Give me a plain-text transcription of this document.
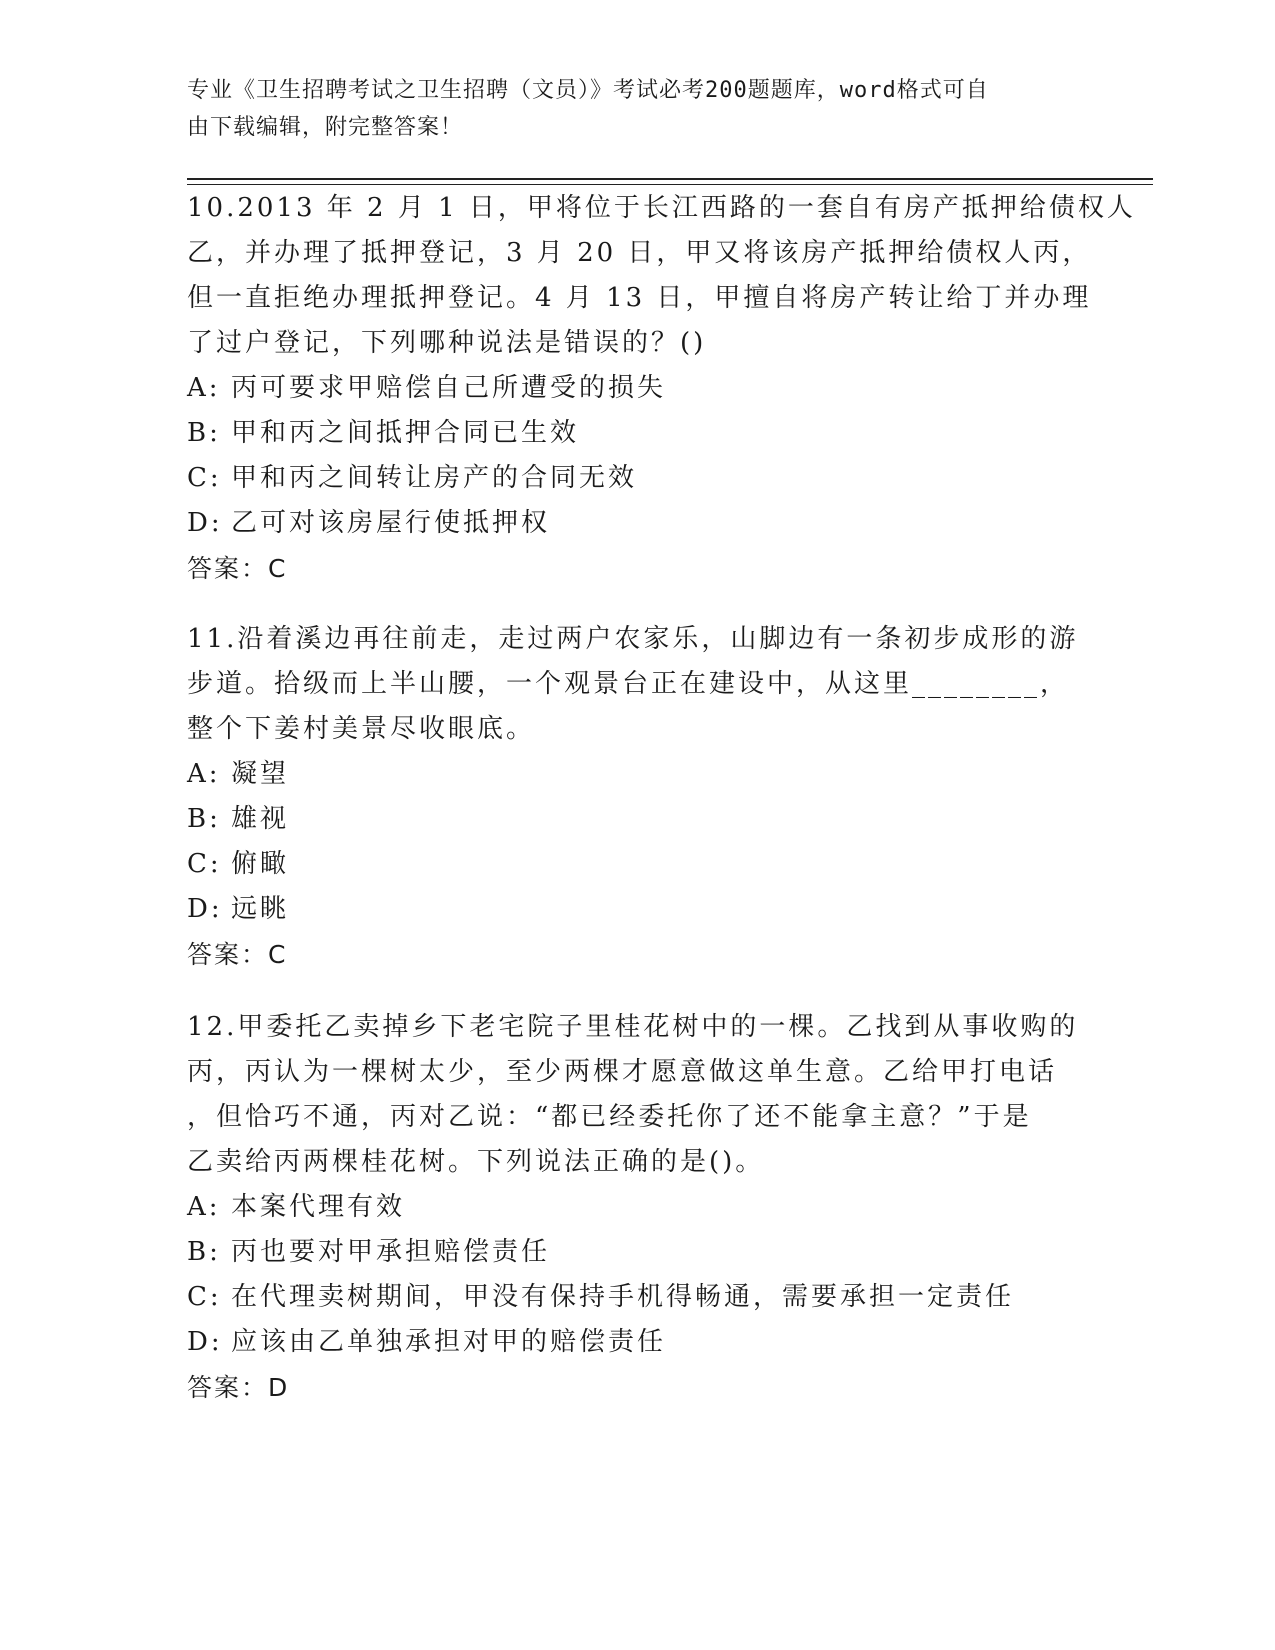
专业《卫生招聘考试之卫生招聘（文员）》考试必考200题题库，word格式可自
由下载编辑，附完整答案！
10.2013 年 2 月 1 日，甲将位于长江西路的一套自有房产抵押给债权人
乙，并办理了抵押登记，3 月 20 日，甲又将该房产抵押给债权人丙，
但一直拒绝办理抵押登记。4 月 13 日，甲擅自将房产转让给丁并办理
了过户登记，下列哪种说法是错误的？()
A: 丙可要求甲赔偿自己所遭受的损失
B: 甲和丙之间抵押合同已生效
C: 甲和丙之间转让房产的合同无效
D: 乙可对该房屋行使抵押权
答案：C
11.沿着溪边再往前走，走过两户农家乐，山脚边有一条初步成形的游
步道。拾级而上半山腰，一个观景台正在建设中，从这里________，
整个下姜村美景尽收眼底。
A: 凝望
B: 雄视
C: 俯瞰
D: 远眺
答案：C
12.甲委托乙卖掉乡下老宅院子里桂花树中的一棵。乙找到从事收购的
丙，丙认为一棵树太少，至少两棵才愿意做这单生意。乙给甲打电话
，但恰巧不通，丙对乙说：“都已经委托你了还不能拿主意？”于是
乙卖给丙两棵桂花树。下列说法正确的是()。
A: 本案代理有效
B: 丙也要对甲承担赔偿责任
C: 在代理卖树期间，甲没有保持手机得畅通，需要承担一定责任
D: 应该由乙单独承担对甲的赔偿责任
答案：D
